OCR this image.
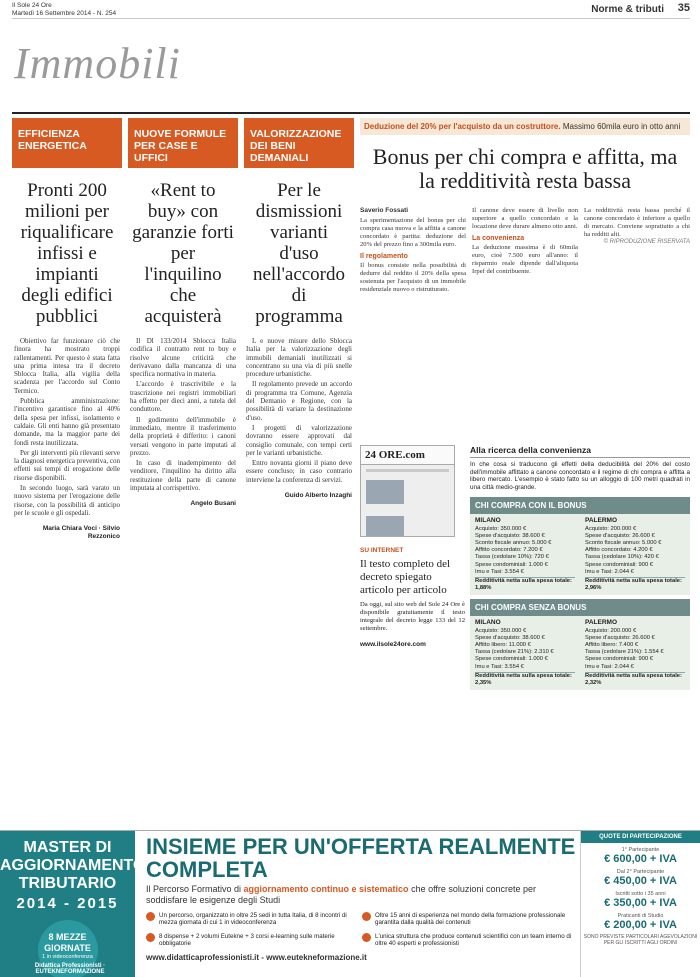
Il Sole 24 Ore
Martedì 16 Settembre 2014 - N. 254	Norme & tributi 35
Immobili
EFFICIENZA ENERGETICA
Pronti 200 milioni per riqualificare infissi e impianti degli edifici pubblici

Obiettivo far funzionare ciò che finora ha mostrato troppi rallentamenti. Per questo è stata fatta una prima intesa tra il decreto Sblocca Italia, alla vigilia della scadenza per l'accordo sul Conto Termico.

Pubblica amministrazione: l'incentivo garantisce fino al 40% della spesa per infissi, isolamento e caldaie. Gli enti hanno già presentato domande, ma la maggior parte dei fondi resta inutilizzata.

Per gli interventi più rilevanti serve la diagnosi energetica preventiva, con effetti sui tempi di erogazione delle risorse disponibili.

In secondo luogo, sarà varato un nuovo sistema per l'erogazione delle risorse, con la possibilità di anticipo per le scuole e gli ospedali.

Maria Chiara Voci · Silvio Rezzonico
NUOVE FORMULE PER CASE E UFFICI
«Rent to buy» con garanzie forti per l'inquilino che acquisterà

Il Dl 133/2014 Sblocca Italia codifica il contratto rent to buy e risolve alcune criticità che derivavano dalla mancanza di una specifica normativa in materia.

L'accordo è trascrivibile e la trascrizione nei registri immobiliari ha effetto per dieci anni, a tutela del conduttore.

Il godimento dell'immobile è immediato, mentre il trasferimento della proprietà è differito: i canoni versati vengono in parte imputati al prezzo.

In caso di inadempimento del venditore, l'inquilino ha diritto alla restituzione della parte di canone imputata al corrispettivo.

Angelo Busani
VALORIZZAZIONE DEI BENI DEMANIALI
Per le dismissioni varianti d'uso nell'accordo di programma

L e nuove misure dello Sblocca Italia per la valorizzazione degli immobili demaniali inutilizzati si concentrano su una via di più snelle procedure urbanistiche.

Il regolamento prevede un accordo di programma tra Comune, Agenzia del Demanio e Regione, con la possibilità di variare la destinazione d'uso.

I progetti di valorizzazione dovranno essere approvati dal consiglio comunale, con tempi certi per le varianti urbanistiche.

Entro novanta giorni il piano deve essere concluso; in caso contrario interviene la conferenza di servizi.

Guido Alberto Inzaghi
Deduzione del 20% per l'acquisto da un costruttore. Massimo 60mila euro in otto anni
Bonus per chi compra e affitta, ma la redditività resta bassa
Saverio Fossati
La sperimentazione del bonus per chi compra casa nuova e la affitta a canone concordato è partita: deduzione del 20% del prezzo fino a 300mila euro.
Il regolamento
Il bonus consiste nella possibilità di dedurre dal reddito il 20% della spesa sostenuta per l'acquisto di un immobile residenziale nuovo o ristrutturato.
Il canone deve essere di livello non superiore a quello concordato e la locazione deve durare almeno otto anni.
La convenienza
La deduzione massima è di 60mila euro, cioè 7.500 euro all'anno: il risparmio reale dipende dall'aliquota Irpef del contribuente.
La redditività resta bassa perché il canone concordato è inferiore a quello di mercato. Conviene soprattutto a chi ha redditi alti.
© RIPRODUZIONE RISERVATA
24 ORE.com

SU INTERNET
Il testo completo del decreto spiegato articolo per articolo
Da oggi, sul sito web del Sole 24 Ore è disponibile gratuitamente il testo integrale del decreto legge 133 del 12 settembre.
www.ilsole24ore.com
Alla ricerca della convenienza
In che cosa si traducono gli effetti della deducibilità del 20% del costo dell'immobile affittato a canone concordato e il regime di chi compra e affitta a libero mercato. L'esempio è stato fatto su un alloggio di 100 metri quadrati in una città medio-grande.
CHI COMPRA CON IL BONUS
MILANO
Acquisto: 350.000 €
Spese d'acquisto: 38.600 €
Sconto fiscale annuo: 5.000 €
Affitto concordato: 7.200 €
Tassa (cedolare 10%): 720 €
Spese condominiali: 1.000 €
Imu e Tasi: 3.554 €
Redditività netta sulla spesa totale: 1,88%
PALERMO
Acquisto: 200.000 €
Spese d'acquisto: 26.600 €
Sconto fiscale annuo: 5.000 €
Affitto concordato: 4.200 €
Tassa (cedolare 10%): 420 €
Spese condominiali: 900 €
Imu e Tasi: 2.044 €
Redditività netta sulla spesa totale: 2,96%
CHI COMPRA SENZA BONUS
MILANO
Acquisto: 350.000 €
Spese d'acquisto: 38.600 €
Affitto libero: 11.000 €
Tassa (cedolare 21%): 2.310 €
Spese condominiali: 1.000 €
Imu e Tasi: 3.554 €
Redditività netta sulla spesa totale: 2,35%
PALERMO
Acquisto: 200.000 €
Spese d'acquisto: 26.600 €
Affitto libero: 7.400 €
Tassa (cedolare 21%): 1.554 €
Spese condominiali: 900 €
Imu e Tasi: 2.044 €
Redditività netta sulla spesa totale: 2,32%
MASTER DI AGGIORNAMENTO TRIBUTARIO
2014 - 2015
8 MEZZE GIORNATE
1 in videoconferenza
Didattica Professionisti · EUTEKNEFORMAZIONE
INSIEME PER UN'OFFERTA REALMENTE COMPLETA
Il Percorso Formativo di aggiornamento continuo e sistematico che offre soluzioni concrete per soddisfare le esigenze degli Studi
Un percorso, organizzato in oltre 25 sedi in tutta Italia, di 8 incontri di mezza giornata di cui 1 in videoconferenza
Oltre 15 anni di esperienza nel mondo della formazione professionale garantita dalla qualità dei contenuti
8 dispense + 2 volumi Eutekne + 3 corsi e-learning sulle materie obbligatorie
L'unica struttura che produce contenuti scientifici con un team interno di oltre 40 esperti e professionisti
www.didatticaprofessionisti.it - www.eutekneformazione.it
QUOTE DI PARTECIPAZIONE
1° Partecipante
€ 600,00 + IVA
Dal 2° Partecipante
€ 450,00 + IVA
Iscritti sotto i 35 anni
€ 350,00 + IVA
Praticanti di Studio
€ 200,00 + IVA
SONO PREVISTE PARTICOLARI AGEVOLAZIONI PER GLI ISCRITTI AGLI ORDINI
